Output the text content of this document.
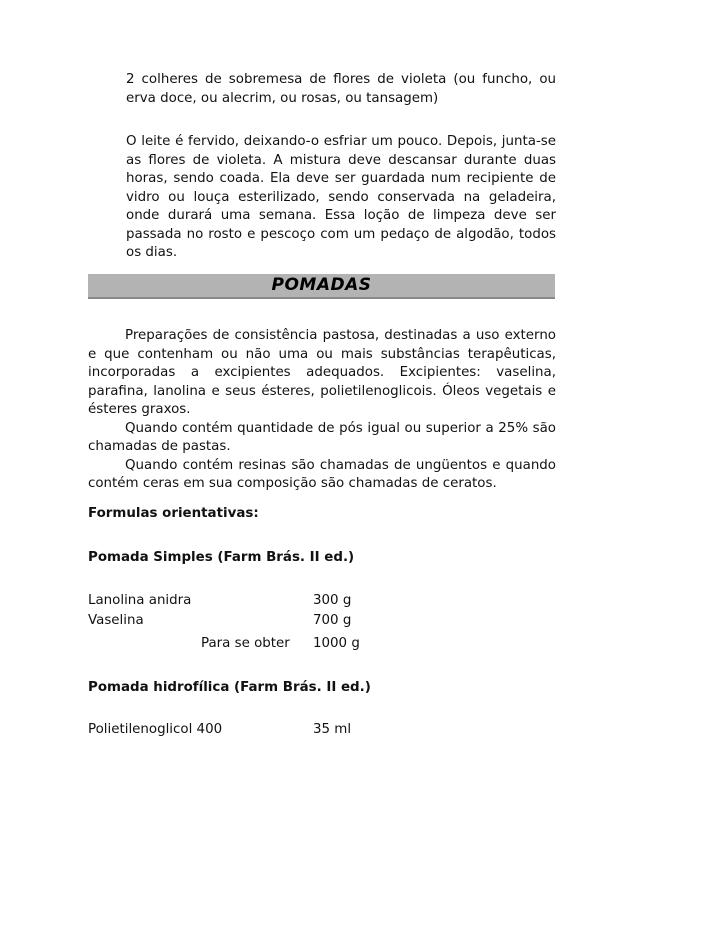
2 colheres de sobremesa de flores de violeta (ou funcho, ou erva doce, ou alecrim, ou rosas, ou tansagem)
O leite é fervido, deixando-o esfriar um pouco. Depois, junta-se as flores de violeta. A mistura deve descansar durante duas horas, sendo coada. Ela deve ser guardada num recipiente de vidro ou louça esterilizado, sendo conservada na geladeira, onde durará uma semana. Essa loção de limpeza deve ser passada no rosto e pescoço com um pedaço de algodão, todos os dias.
POMADAS

Preparações de consistência pastosa, destinadas a uso externo e que contenham ou não uma ou mais substâncias terapêuticas, incorporadas a excipientes adequados. Excipientes: vaselina, parafina, lanolina e seus ésteres, polietilenoglicois. Óleos vegetais e ésteres graxos.

Quando contém quantidade de pós igual ou superior a 25% são chamadas de pastas.

Quando contém resinas são chamadas de ungüentos e quando contém ceras em sua composição são chamadas de ceratos.

Formulas orientativas:
Pomada Simples (Farm Brás. II ed.)
Lanolina anidra	300 g
Vaselina	700 g
Para se obter 1000 g
Pomada hidrofílica (Farm Brás. II ed.)
Polietilenoglicol 400	35 ml
